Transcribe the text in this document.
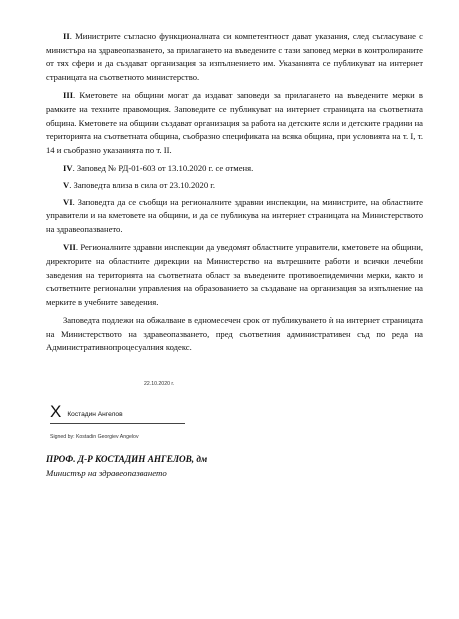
II. Министрите съгласно функционалната си компетентност дават указания, след съгласуване с министъра на здравеопазването, за прилагането на въведените с тази заповед мерки в контролираните от тях сфери и да създават организация за изпълнението им. Указанията се публикуват на интернет страницата на съответното министерство.

III. Кметовете на общини могат да издават заповеди за прилагането на въведените мерки в рамките на техните правомощия. Заповедите се публикуват на интернет страницата на съответната община. Кметовете на общини създават организация за работа на детските ясли и детските градини на територията на съответната община, съобразно спецификата на всяка община, при условията на т. I, т. 14 и съобразно указанията по т. II.

IV. Заповед № РД-01-603 от 13.10.2020 г. се отменя.

V. Заповедта влиза в сила от 23.10.2020 г.

VI. Заповедта да се съобщи на регионалните здравни инспекции, на министрите, на областните управители и на кметовете на общини, и да се публикува на интернет страницата на Министерството на здравеопазването.

VII. Регионалните здравни инспекции да уведомят областните управители, кметовете на общини, директорите на областните дирекции на Министерство на вътрешните работи и всички лечебни заведения на територията на съответната област за въведените противоепидемични мерки, както и съответните регионални управления на образованието за създаване на организация за изпълнение на мерките в учебните заведения.

Заповедта подлежи на обжалване в едномесечен срок от публикуването ѝ на интернет страницата на Министерството на здравеопазването, пред съответния административен съд по реда на Административнопроцесуалния кодекс.

22.10.2020 г.
X Костадин Ангелов
Signed by: Kostadin Georgiev Angelov
ПРОФ. Д-Р КОСТАДИН АНГЕЛОВ, дм
Министър на здравеопазването
